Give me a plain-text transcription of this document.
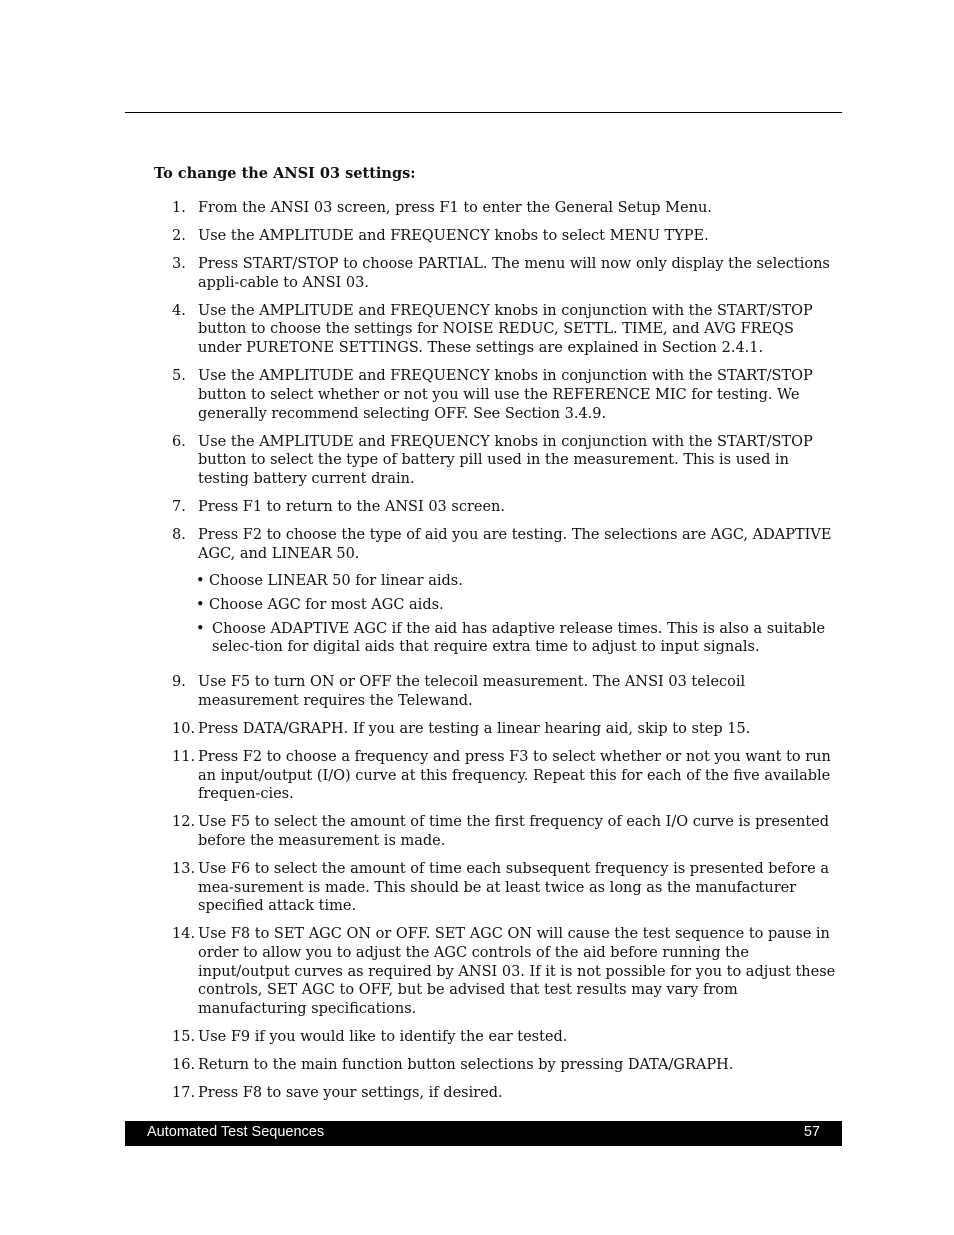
To change the ANSI 03 settings:
1. From the ANSI 03 screen, press F1 to enter the General Setup Menu.
2. Use the AMPLITUDE and FREQUENCY knobs to select MENU TYPE.
3. Press START/STOP to choose PARTIAL. The menu will now only display the selections appli-cable to ANSI 03.
4. Use the AMPLITUDE and FREQUENCY knobs in conjunction with the START/STOP button to choose the settings for NOISE REDUC, SETTL. TIME, and AVG FREQS under PURETONE SETTINGS. These settings are explained in Section 2.4.1.
5. Use the AMPLITUDE and FREQUENCY knobs in conjunction with the START/STOP button to select whether or not you will use the REFERENCE MIC for testing. We generally recommend selecting OFF. See Section 3.4.9.
6. Use the AMPLITUDE and FREQUENCY knobs in conjunction with the START/STOP button to select the type of battery pill used in the measurement. This is used in testing battery current drain.
7. Press F1 to return to the ANSI 03 screen.
8. Press F2 to choose the type of aid you are testing. The selections are AGC, ADAPTIVE AGC, and LINEAR 50.
• Choose LINEAR 50 for linear aids.
• Choose AGC for most AGC aids.
• Choose ADAPTIVE AGC if the aid has adaptive release times. This is also a suitable selec-tion for digital aids that require extra time to adjust to input signals.
9. Use F5 to turn ON or OFF the telecoil measurement. The ANSI 03 telecoil measurement requires the Telewand.
10. Press DATA/GRAPH. If you are testing a linear hearing aid, skip to step 15.
11. Press F2 to choose a frequency and press F3 to select whether or not you want to run an input/output (I/O) curve at this frequency. Repeat this for each of the five available frequen-cies.
12. Use F5 to select the amount of time the first frequency of each I/O curve is presented before the measurement is made.
13. Use F6 to select the amount of time each subsequent frequency is presented before a mea-surement is made. This should be at least twice as long as the manufacturer specified attack time.
14. Use F8 to SET AGC ON or OFF. SET AGC ON will cause the test sequence to pause in order to allow you to adjust the AGC controls of the aid before running the input/output curves as required by ANSI 03. If it is not possible for you to adjust these controls, SET AGC to OFF, but be advised that test results may vary from manufacturing specifications.
15. Use F9 if you would like to identify the ear tested.
16. Return to the main function button selections by pressing DATA/GRAPH.
17. Press F8 to save your settings, if desired.
Automated Test Sequences	57
